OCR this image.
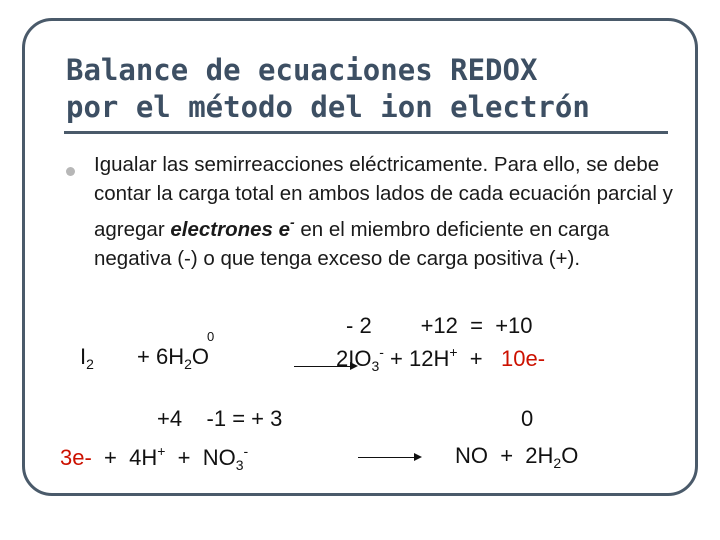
Balance de ecuaciones REDOX
por el método del ion electrón
Igualar las semirreacciones eléctricamente. Para ello, se debe contar la carga total en ambos lados de cada ecuación parcial y agregar electrones e- en el miembro deficiente en carga negativa (-) o que tenga exceso de carga positiva (+).
$I_2$
0
+ $6H_2O$
- 2        +12  =  +10
$2IO_3^- + 12H^+ + 10e-$
+4    -1 = + 3
$3e- + 4H^+ + NO_3^-$
0
NO  +  $2H_2O$
